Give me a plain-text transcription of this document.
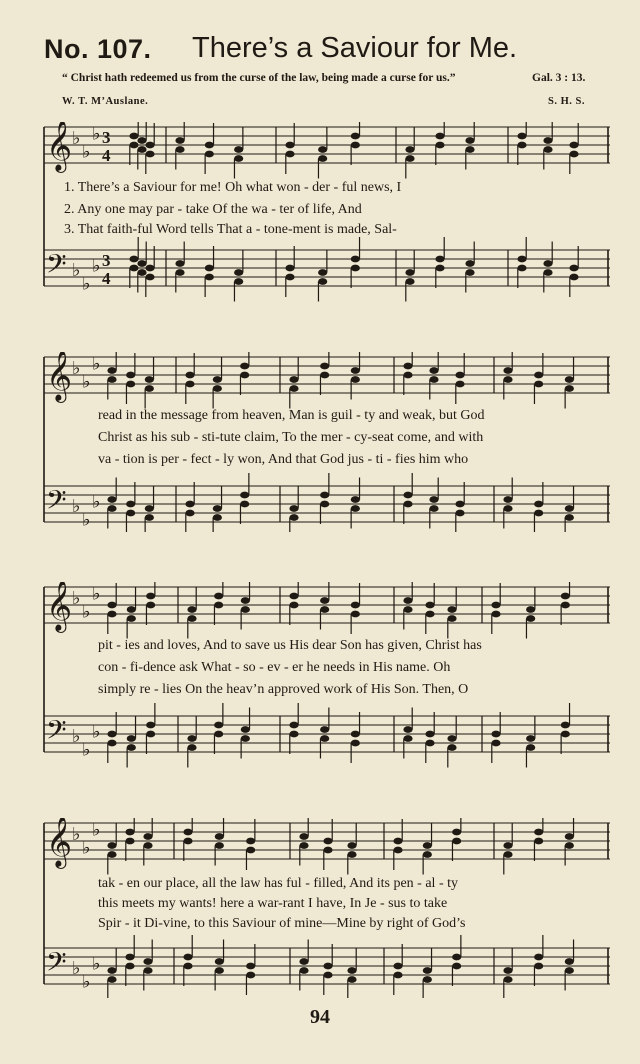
No. 107. There’s a Saviour for Me.
“ Christ hath redeemed us from the curse of the law, being made a curse for us.”	Gal. 3 : 13.
W. T. M’Auslane.	S. H. S.
𝄞 ♭
♭
♭ 3
4
𝄢 ♭
♭
♭ 3
4
1. There’s a Saviour for me! Oh what won - der - ful news, I
2. Any one may par - take Of the wa - ter of life, And
3. That faith-ful Word tells That a - tone-ment is made, Sal-
𝄞 ♭
♭
♭
𝄢 ♭
♭
♭
read in the message from heaven, Man is guil - ty and weak, but God
Christ as his sub - sti-tute claim, To the mer - cy-seat come, and with
va - tion is per - fect - ly won, And that God jus - ti - fies him who
𝄞 ♭
♭
♭
𝄢 ♭
♭
♭
pit - ies and loves, And to save us His dear Son has given, Christ has
con - fi-dence ask What - so - ev - er he needs in His name. Oh
simply re - lies On the heav’n approved work of His Son. Then, O
𝄞 ♭
♭
♭
𝄢 ♭
♭
♭
tak - en our place, all the law has ful - filled, And its pen - al - ty
this meets my wants! here a war-rant I have, In Je - sus to take
Spir - it Di-vine, to this Saviour of mine—Mine by right of God’s
94
